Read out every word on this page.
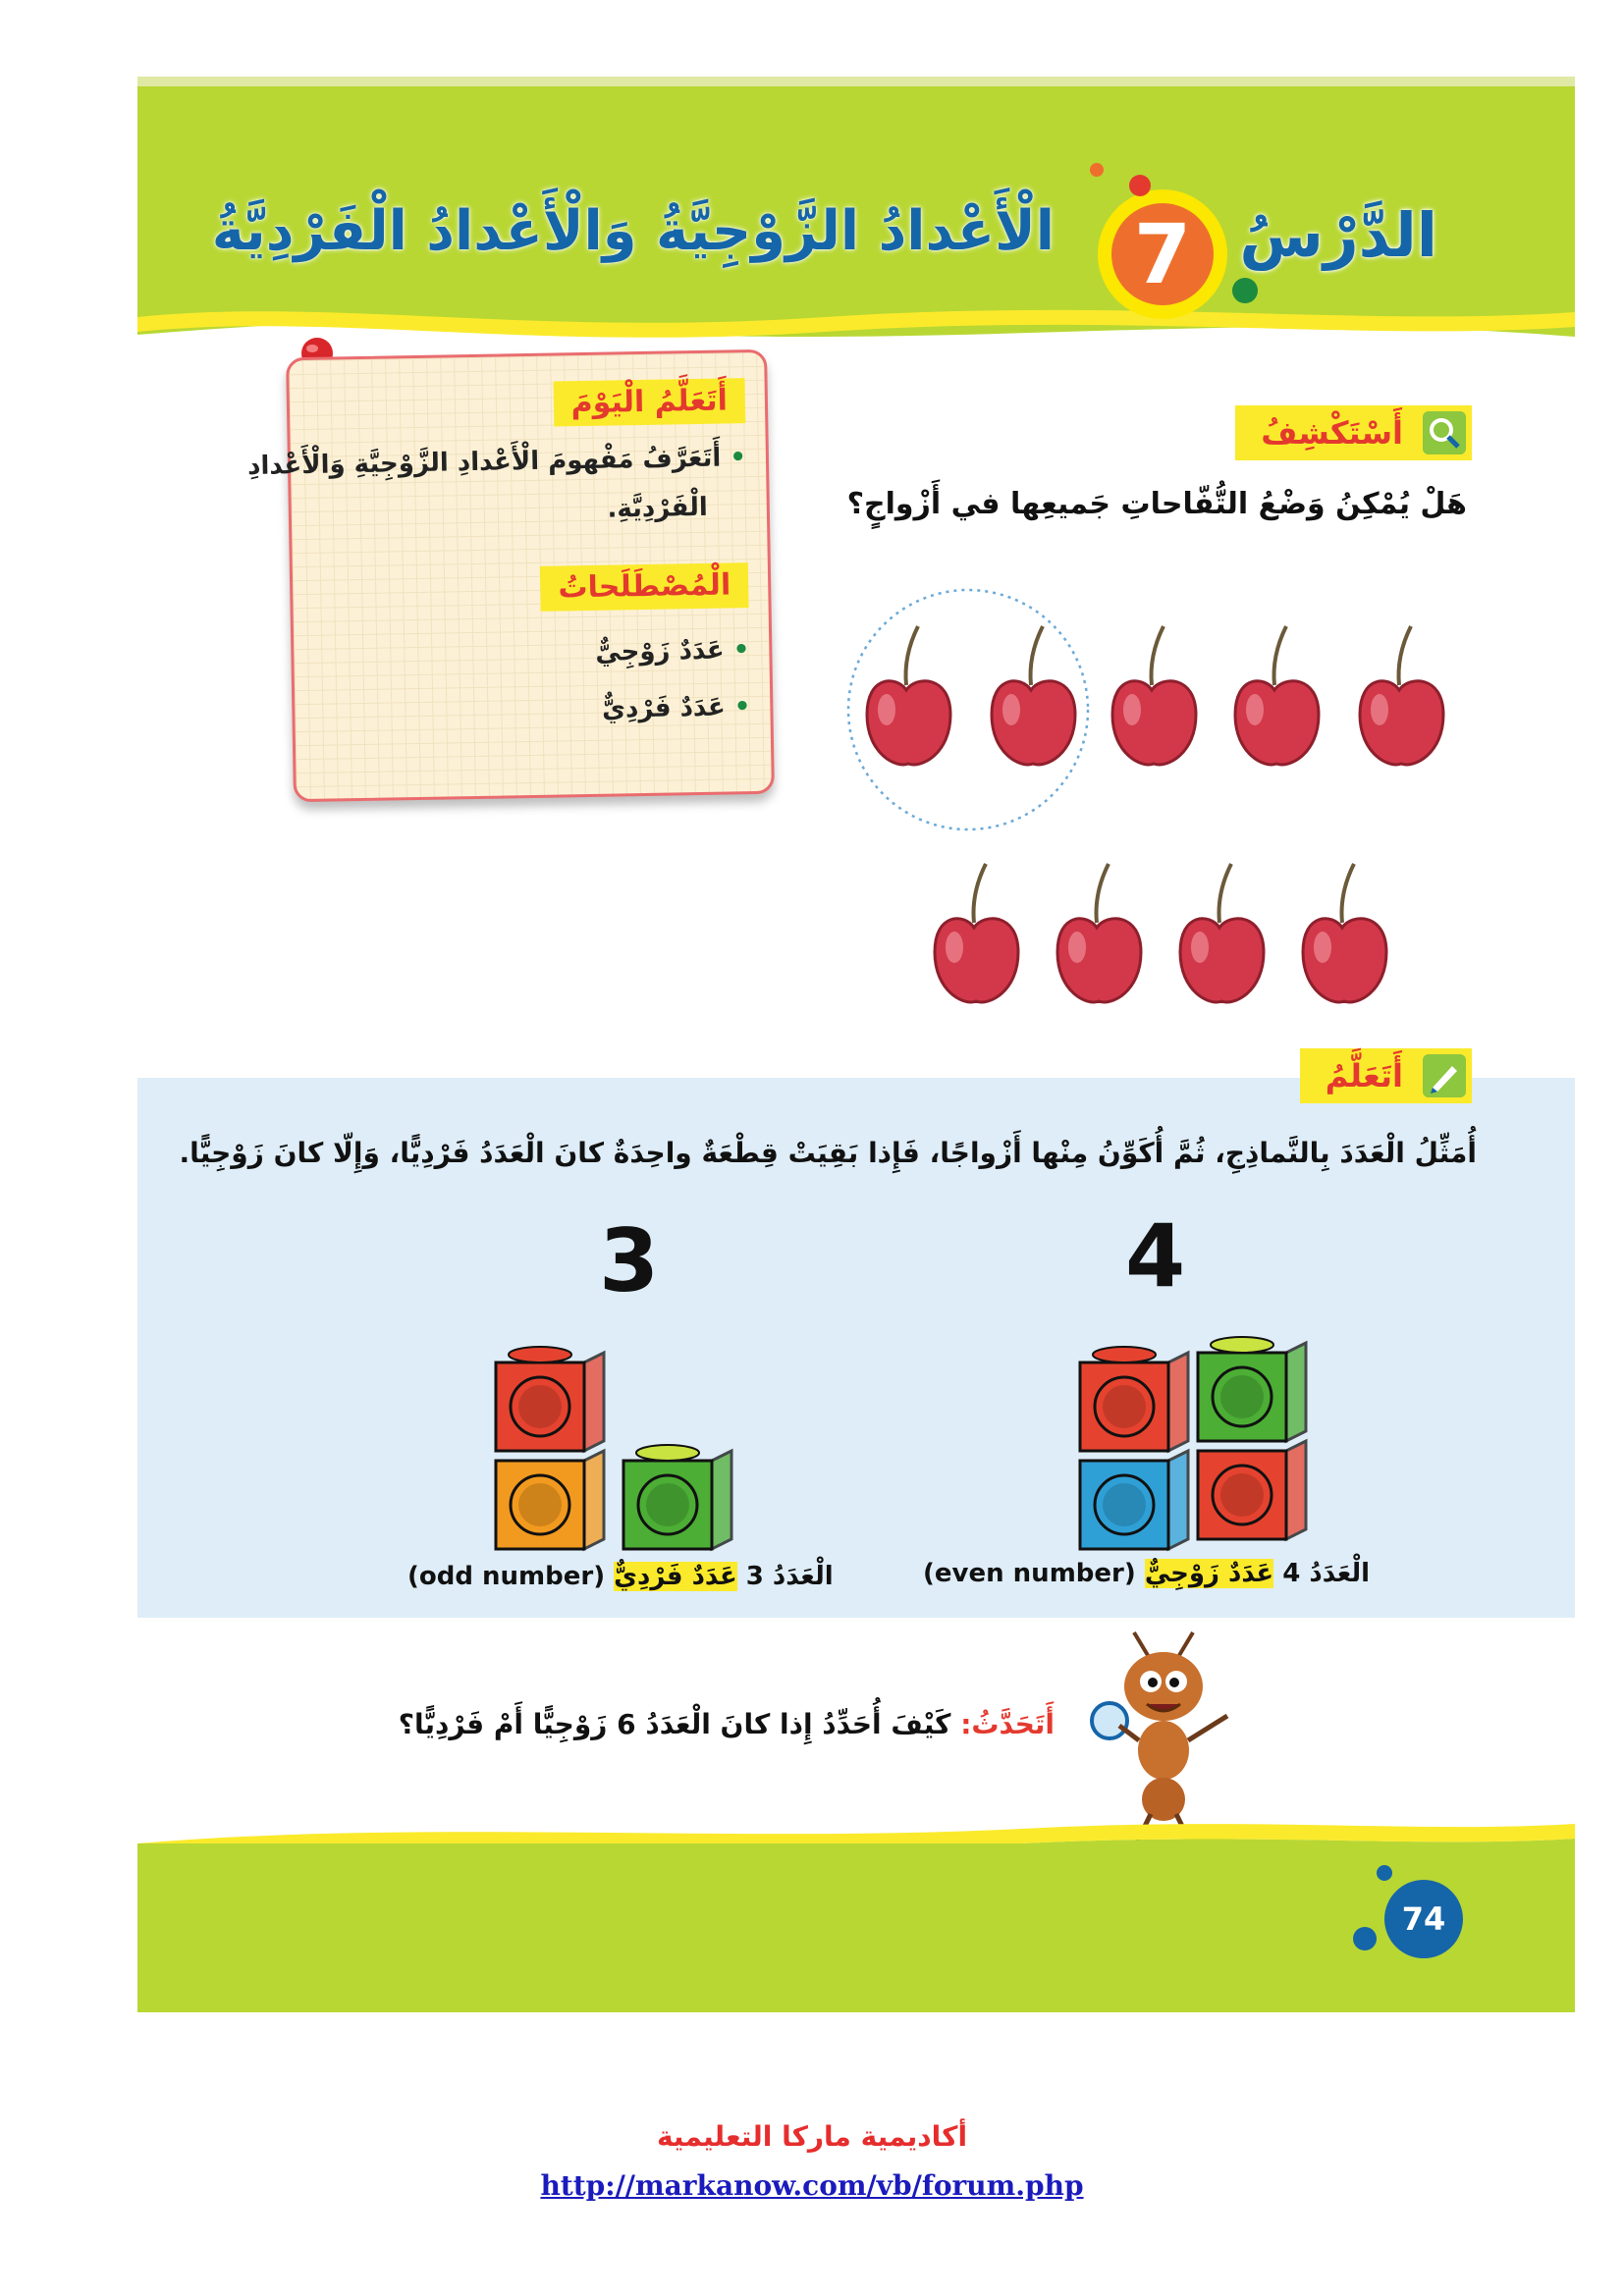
الْأَعْدادُ الزَّوْجِيَّةُ وَالْأَعْدادُ الْفَرْدِيَّةُ 7 الدَّرْسُ
أَتَعَلَّمُ الْيَوْمَ
• أَتَعَرَّفُ مَفْهومَ الْأَعْدادِ الزَّوْجِيَّةِ وَالْأَعْدادِ
الْفَرْدِيَّةِ.
الْمُصْطَلَحاتُ
• عَدَدٌ زَوْجِيٌّ
• عَدَدٌ فَرْدِيٌّ
أَسْتَكْشِفُ
هَلْ يُمْكِنُ وَضْعُ التُّفّاحاتِ جَميعِها في أَزْواجٍ؟
أَتَعَلَّمُ
أُمَثِّلُ الْعَدَدَ بِالنَّماذِجِ، ثُمَّ أُكَوِّنُ مِنْها أَزْواجًا، فَإِذا بَقِيَتْ قِطْعَةٌ واحِدَةٌ كانَ الْعَدَدُ فَرْدِيًّا، وَإِلّا كانَ زَوْجِيًّا.
4
3
الْعَدَدُ 4 عَدَدٌ زَوْجِيٌّ (even number)
الْعَدَدُ 3 عَدَدٌ فَرْدِيٌّ (odd number)
أَتَحَدَّثُ: كَيْفَ أُحَدِّدُ إِذا كانَ الْعَدَدُ 6 زَوْجِيًّا أَمْ فَرْدِيًّا؟
74
أكاديمية ماركا التعليمية
http://markanow.com/vb/forum.php
